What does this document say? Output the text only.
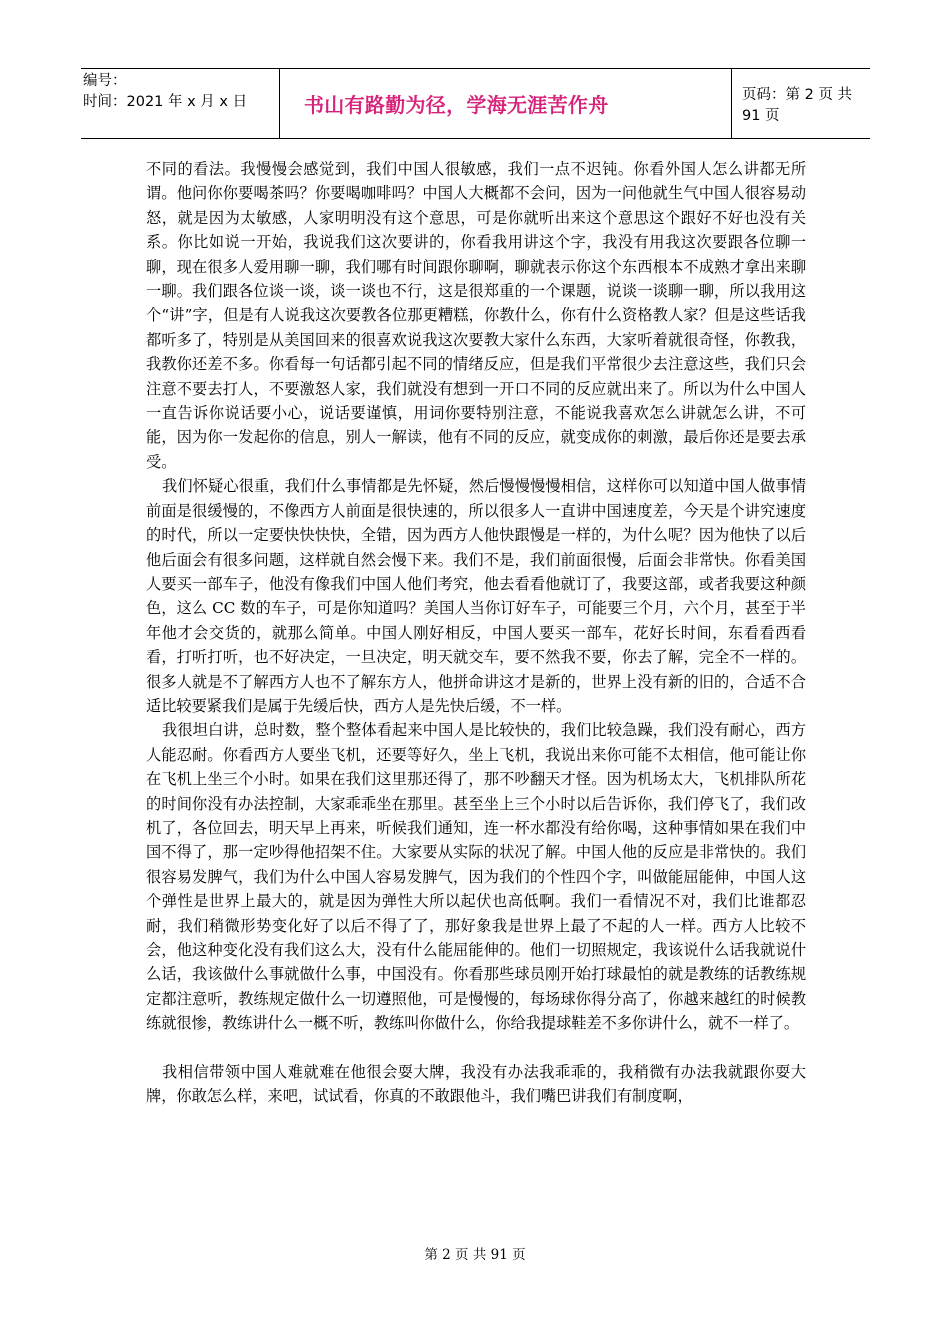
编号：
时间：2021 年 x 月 x 日	书山有路勤为径，学海无涯苦作舟	页码：第 2 页 共 91 页

不同的看法。我慢慢会感觉到，我们中国人很敏感，我们一点不迟钝。你看外国人怎么讲都无所谓。他问你你要喝茶吗？你要喝咖啡吗？中国人大概都不会问，因为一问他就生气中国人很容易动怒，就是因为太敏感，人家明明没有这个意思，可是你就听出来这个意思这个跟好不好也没有关系。你比如说一开始，我说我们这次要讲的，你看我用讲这个字，我没有用我这次要跟各位聊一聊，现在很多人爱用聊一聊，我们哪有时间跟你聊啊，聊就表示你这个东西根本不成熟才拿出来聊一聊。我们跟各位谈一谈，谈一谈也不行，这是很郑重的一个课题，说谈一谈聊一聊，所以我用这个“讲”字，但是有人说我这次要教各位那更糟糕，你教什么，你有什么资格教人家？但是这些话我都听多了，特别是从美国回来的很喜欢说我这次要教大家什么东西，大家听着就很奇怪，你教我，我教你还差不多。你看每一句话都引起不同的情绪反应，但是我们平常很少去注意这些，我们只会注意不要去打人，不要激怒人家，我们就没有想到一开口不同的反应就出来了。所以为什么中国人一直告诉你说话要小心，说话要谨慎，用词你要特别注意，不能说我喜欢怎么讲就怎么讲，不可能，因为你一发起你的信息，别人一解读，他有不同的反应，就变成你的刺激，最后你还是要去承受。

我们怀疑心很重，我们什么事情都是先怀疑，然后慢慢慢慢相信，这样你可以知道中国人做事情前面是很缓慢的，不像西方人前面是很快速的，所以很多人一直讲中国速度差，今天是个讲究速度的时代，所以一定要快快快快，全错，因为西方人他快跟慢是一样的，为什么呢？因为他快了以后他后面会有很多问题，这样就自然会慢下来。我们不是，我们前面很慢，后面会非常快。你看美国人要买一部车子，他没有像我们中国人他们考究，他去看看他就订了，我要这部，或者我要这种颜色，这么 CC 数的车子，可是你知道吗？美国人当你订好车子，可能要三个月，六个月，甚至于半年他才会交货的，就那么简单。中国人刚好相反，中国人要买一部车，花好长时间，东看看西看看，打听打听，也不好决定，一旦决定，明天就交车，要不然我不要，你去了解，完全不一样的。很多人就是不了解西方人也不了解东方人，他拼命讲这才是新的，世界上没有新的旧的，合适不合适比较要紧我们是属于先缓后快，西方人是先快后缓，不一样。

我很坦白讲，总时数，整个整体看起来中国人是比较快的，我们比较急躁，我们没有耐心，西方人能忍耐。你看西方人要坐飞机，还要等好久，坐上飞机，我说出来你可能不太相信，他可能让你在飞机上坐三个小时。如果在我们这里那还得了，那不吵翻天才怪。因为机场太大，飞机排队所花的时间你没有办法控制，大家乖乖坐在那里。甚至坐上三个小时以后告诉你，我们停飞了，我们改机了，各位回去，明天早上再来，听候我们通知，连一杯水都没有给你喝，这种事情如果在我们中国不得了，那一定吵得他招架不住。大家要从实际的状况了解。中国人他的反应是非常快的。我们很容易发脾气，我们为什么中国人容易发脾气，因为我们的个性四个字，叫做能屈能伸，中国人这个弹性是世界上最大的，就是因为弹性大所以起伏也高低啊。我们一看情况不对，我们比谁都忍耐，我们稍微形势变化好了以后不得了了，那好象我是世界上最了不起的人一样。西方人比较不会，他这种变化没有我们这么大，没有什么能屈能伸的。他们一切照规定，我该说什么话我就说什么话，我该做什么事就做什么事，中国没有。你看那些球员刚开始打球最怕的就是教练的话教练规定都注意听，教练规定做什么一切遵照他，可是慢慢的，每场球你得分高了，你越来越红的时候教练就很惨，教练讲什么一概不听，教练叫你做什么，你给我提球鞋差不多你讲什么，就不一样了。

我相信带领中国人难就难在他很会耍大牌，我没有办法我乖乖的，我稍微有办法我就跟你耍大牌，你敢怎么样，来吧，试试看，你真的不敢跟他斗，我们嘴巴讲我们有制度啊，

第 2 页 共 91 页
